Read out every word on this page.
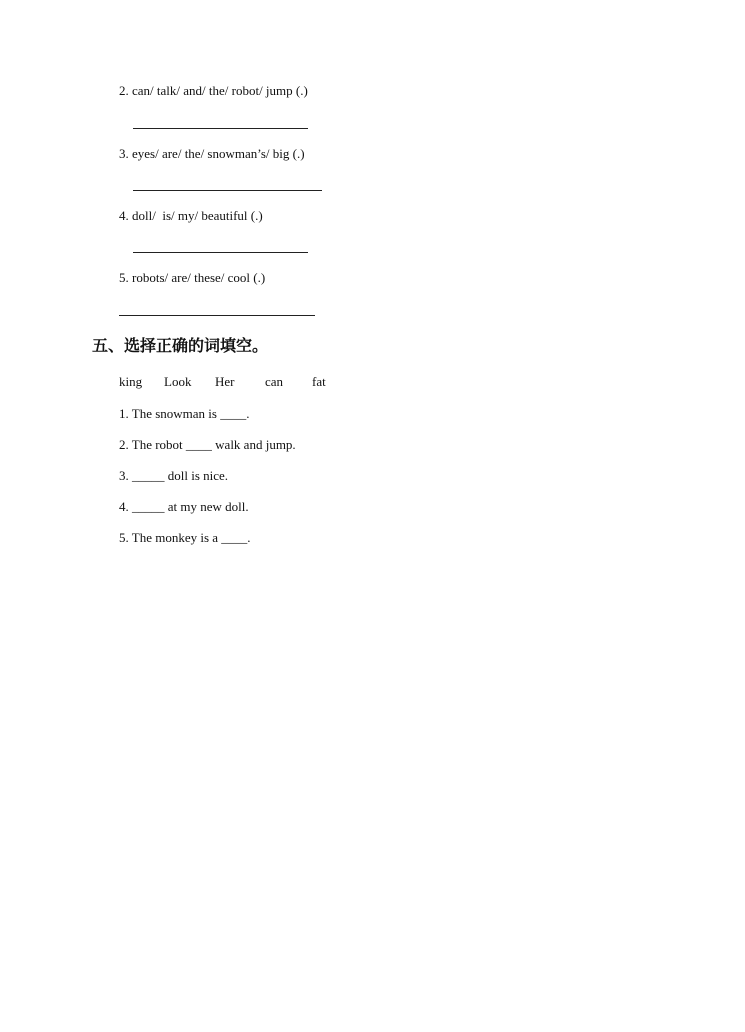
2. can/ talk/ and/ the/ robot/ jump (.)
3. eyes/ are/ the/ snowman’s/ big (.)
4. doll/  is/ my/ beautiful (.)
5. robots/ are/ these/ cool (.)
五、选择正确的词填空。
king Look Her can fat
1. The snowman is ____.
2. The robot ____ walk and jump.
3. _____ doll is nice.
4. _____ at my new doll.
5. The monkey is a ____.
